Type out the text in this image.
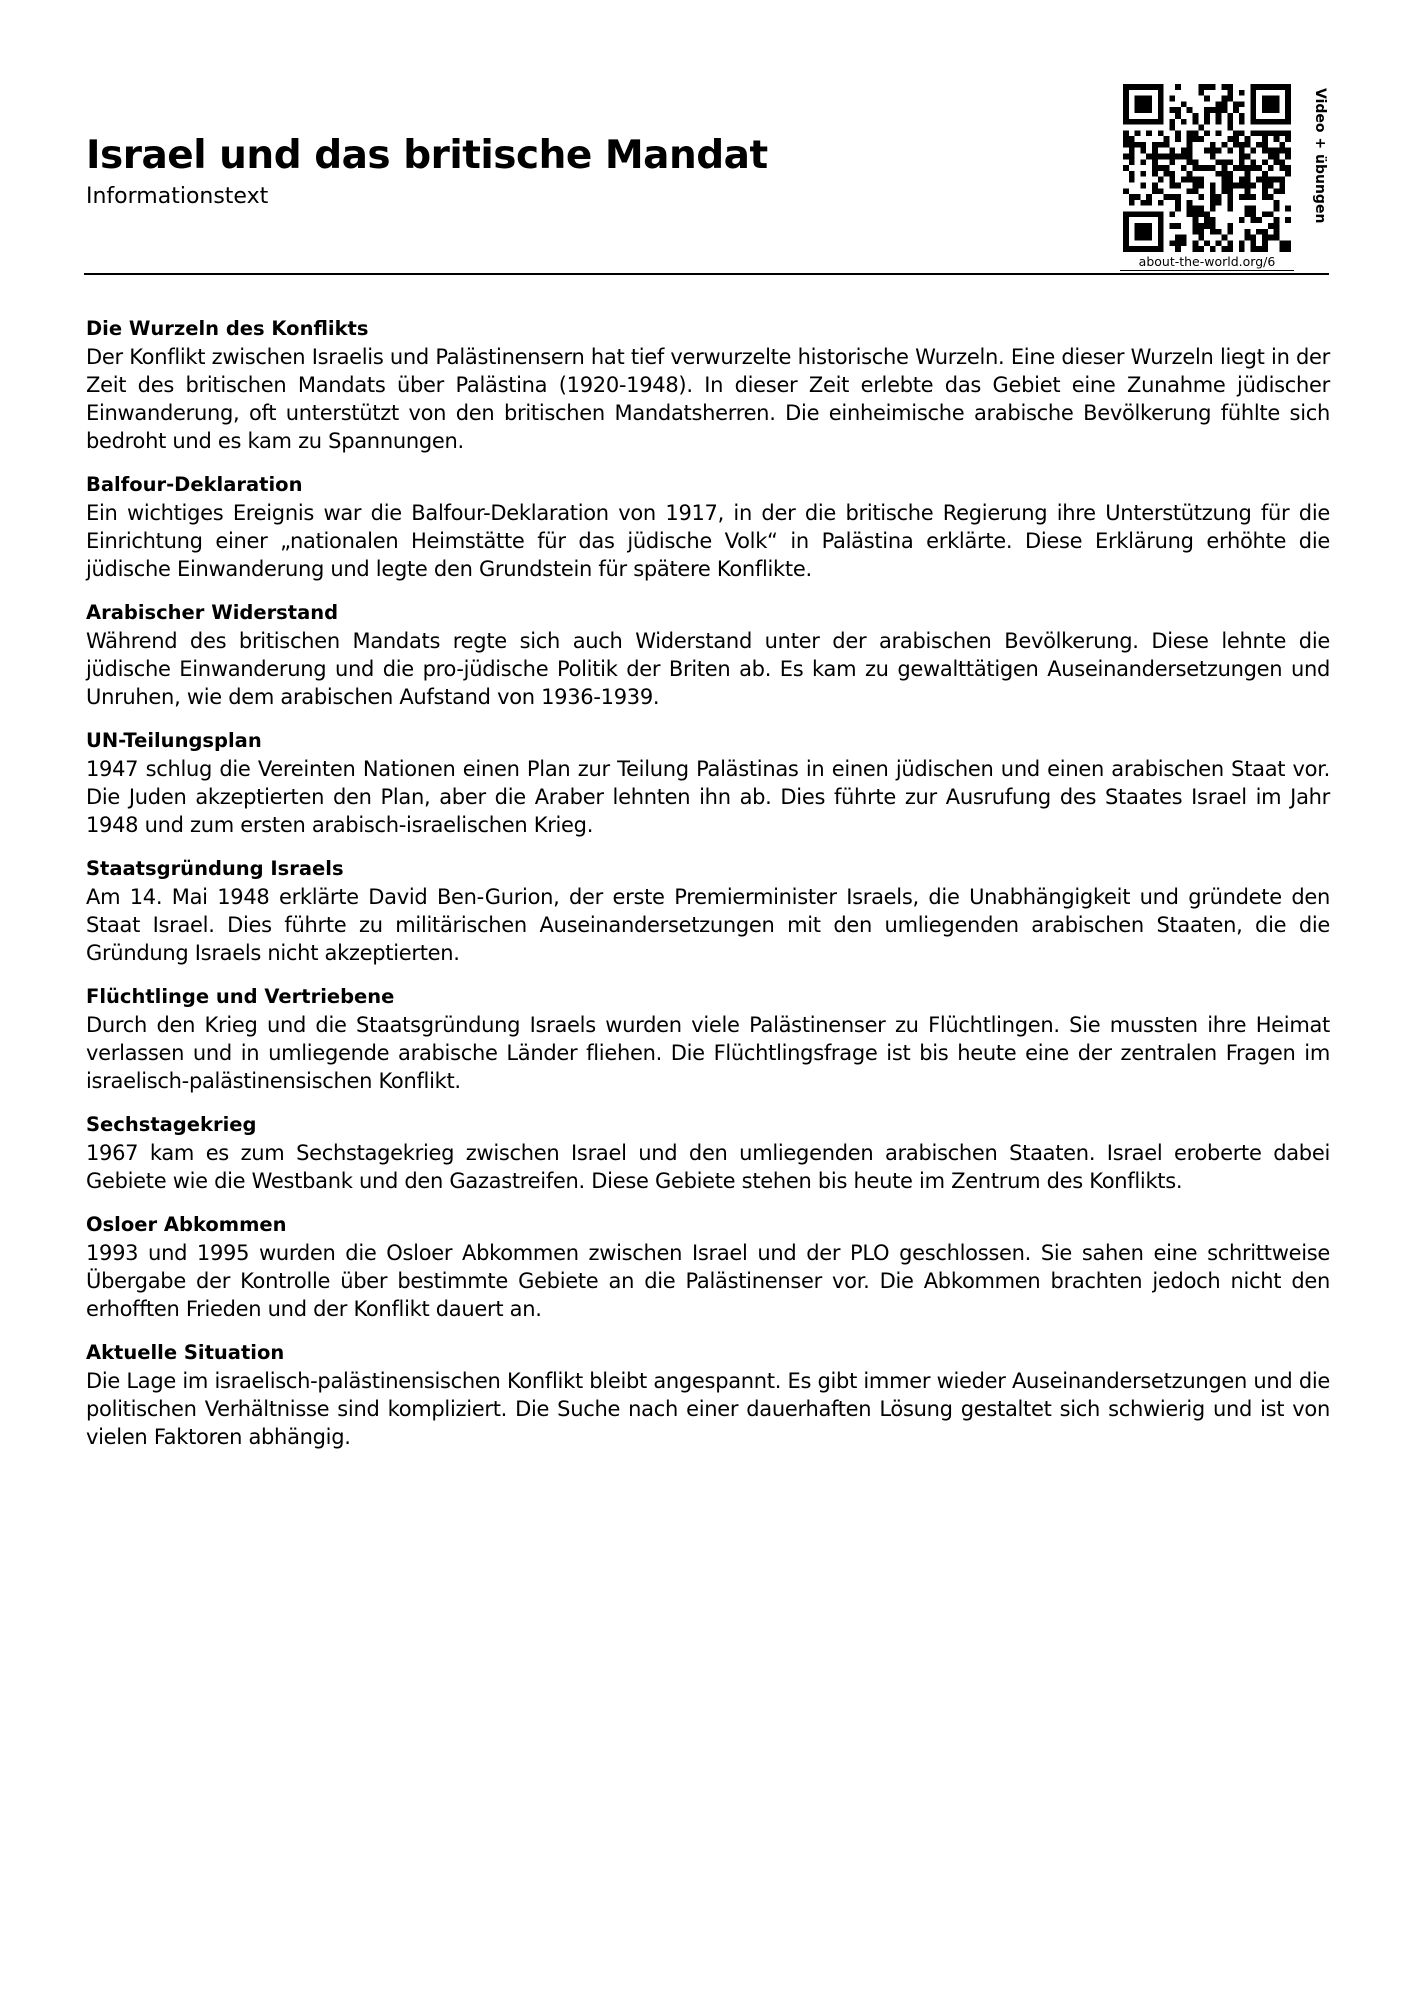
Israel und das britische Mandat
Informationstext
about-the-world.org/6
Video + übungen
Die Wurzeln des Konflikts

Der Konflikt zwischen Israelis und Palästinensern hat tief verwurzelte historische Wurzeln. Eine dieser Wurzeln liegt in der Zeit des britischen Mandats über Palästina (1920-1948). In dieser Zeit erlebte das Gebiet eine Zunahme jüdischer Einwanderung, oft unterstützt von den britischen Mandatsherren. Die einheimische arabische Bevölkerung fühlte sich bedroht und es kam zu Spannungen.

Balfour-Deklaration

Ein wichtiges Ereignis war die Balfour-Deklaration von 1917, in der die britische Regierung ihre Unterstützung für die Einrichtung einer „nationalen Heimstätte für das jüdische Volk“ in Palästina erklärte. Diese Erklärung erhöhte die jüdische Einwanderung und legte den Grundstein für spätere Konflikte.

Arabischer Widerstand

Während des britischen Mandats regte sich auch Widerstand unter der arabischen Bevölkerung. Diese lehnte die jüdische Einwanderung und die pro-jüdische Politik der Briten ab. Es kam zu gewalttätigen Auseinandersetzungen und Unruhen, wie dem arabischen Aufstand von 1936-1939.

UN-Teilungsplan

1947 schlug die Vereinten Nationen einen Plan zur Teilung Palästinas in einen jüdischen und einen arabischen Staat vor. Die Juden akzeptierten den Plan, aber die Araber lehnten ihn ab. Dies führte zur Ausrufung des Staates Israel im Jahr 1948 und zum ersten arabisch-israelischen Krieg.

Staatsgründung Israels

Am 14. Mai 1948 erklärte David Ben-Gurion, der erste Premierminister Israels, die Unabhängigkeit und gründete den Staat Israel. Dies führte zu militärischen Auseinandersetzungen mit den umliegenden arabischen Staaten, die die Gründung Israels nicht akzeptierten.

Flüchtlinge und Vertriebene

Durch den Krieg und die Staatsgründung Israels wurden viele Palästinenser zu Flüchtlingen. Sie mussten ihre Heimat verlassen und in umliegende arabische Länder fliehen. Die Flüchtlingsfrage ist bis heute eine der zentralen Fragen im israelisch-palästinensischen Konflikt.

Sechstagekrieg

1967 kam es zum Sechstagekrieg zwischen Israel und den umliegenden arabischen Staaten. Israel eroberte dabei Gebiete wie die Westbank und den Gazastreifen. Diese Gebiete stehen bis heute im Zentrum des Konflikts.

Osloer Abkommen

1993 und 1995 wurden die Osloer Abkommen zwischen Israel und der PLO geschlossen. Sie sahen eine schrittweise Übergabe der Kontrolle über bestimmte Gebiete an die Palästinenser vor. Die Abkommen brachten jedoch nicht den erhofften Frieden und der Konflikt dauert an.

Aktuelle Situation

Die Lage im israelisch-palästinensischen Konflikt bleibt angespannt. Es gibt immer wieder Auseinandersetzungen und die politischen Verhältnisse sind kompliziert. Die Suche nach einer dauerhaften Lösung gestaltet sich schwierig und ist von vielen Faktoren abhängig.
